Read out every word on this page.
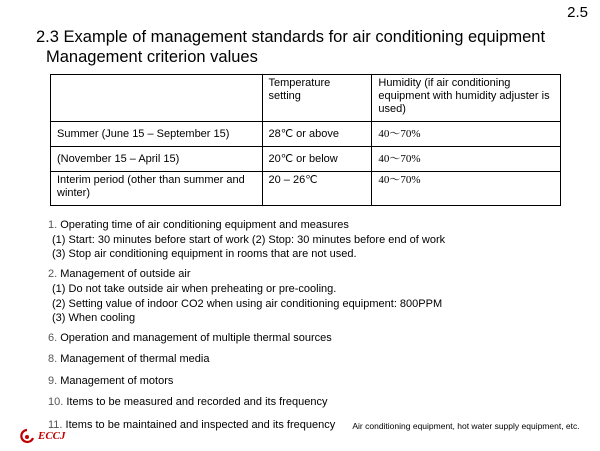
2.5
2.3 Example of management standards for air conditioning equipment
Management criterion values
	Temperature setting	Humidity (if air conditioning equipment with humidity adjuster is used)
Summer (June 15 – September 15)	28℃ or above	40～70%
(November 15 – April 15)	20℃ or below	40～70%
Interim period (other than summer and winter)	20 – 26℃	40～70%
1. Operating time of air conditioning equipment and measures
(1) Start: 30 minutes before start of work (2) Stop: 30 minutes before end of work
(3) Stop air conditioning equipment in rooms that are not used.
2. Management of outside air
(1) Do not take outside air when preheating or pre-cooling.
(2) Setting value of indoor CO2 when using air conditioning equipment: 800PPM
(3) When cooling
6. Operation and management of multiple thermal sources
8. Management of thermal media
9. Management of motors
10. Items to be measured and recorded and its frequency
11. Items to be maintained and inspected and its frequency Air conditioning equipment, hot water supply equipment, etc.
ECCJ
